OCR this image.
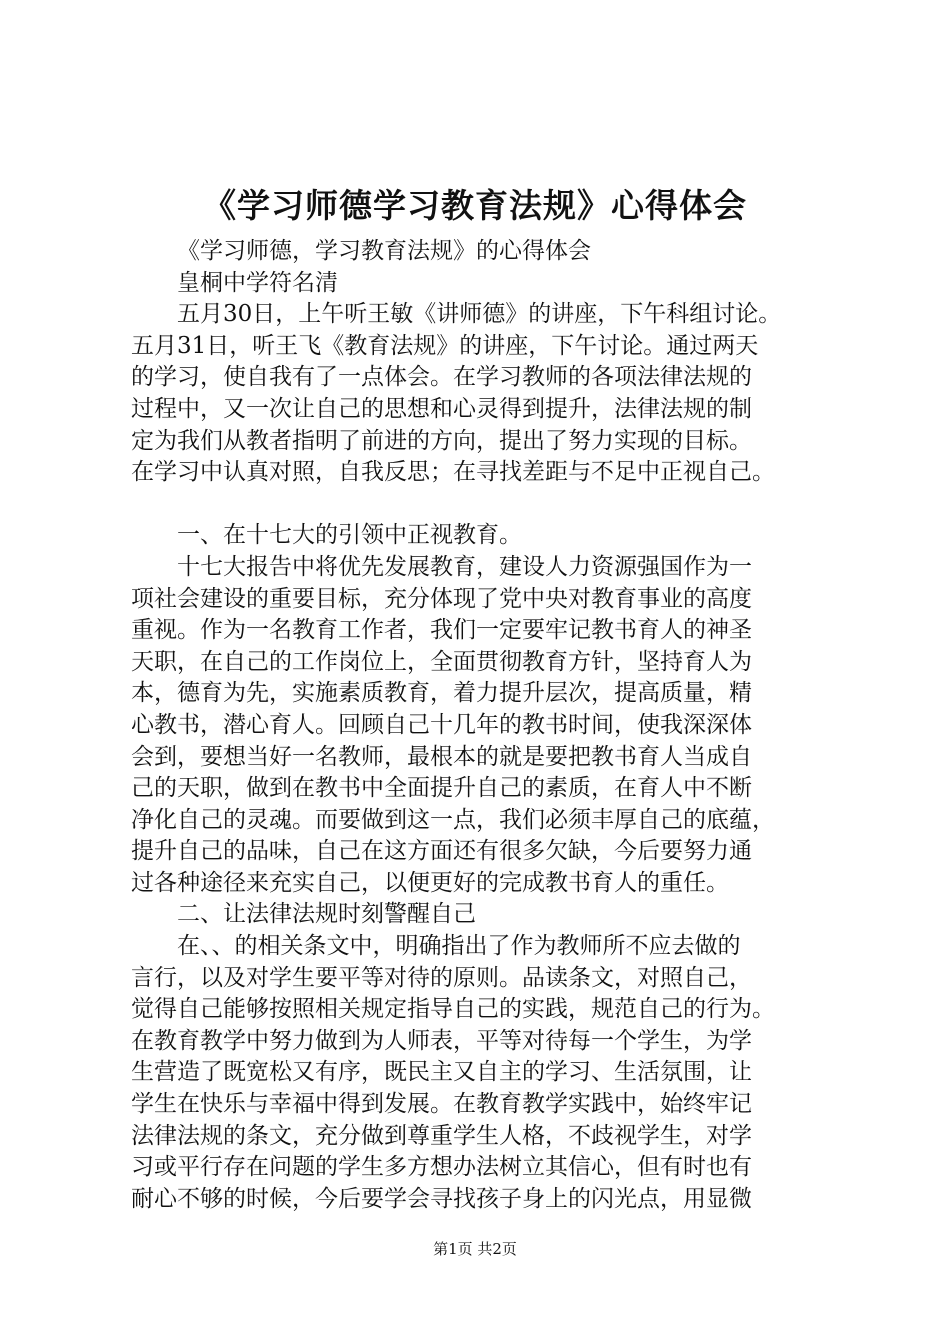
《学习师德学习教育法规》心得体会
《学习师德，学习教育法规》的心得体会
皇桐中学符名清
五月30日，上午听王敏《讲师德》的讲座，下午科组讨论。
五月31日，听王飞《教育法规》的讲座，下午讨论。通过两天
的学习，使自我有了一点体会。在学习教师的各项法律法规的
过程中，又一次让自己的思想和心灵得到提升，法律法规的制
定为我们从教者指明了前进的方向，提出了努力实现的目标。
在学习中认真对照，自我反思；在寻找差距与不足中正视自己。
一、在十七大的引领中正视教育。
十七大报告中将优先发展教育，建设人力资源强国作为一
项社会建设的重要目标，充分体现了党中央对教育事业的高度
重视。作为一名教育工作者，我们一定要牢记教书育人的神圣
天职，在自己的工作岗位上，全面贯彻教育方针，坚持育人为
本，德育为先，实施素质教育，着力提升层次，提高质量，精
心教书，潜心育人。回顾自己十几年的教书时间，使我深深体
会到，要想当好一名教师，最根本的就是要把教书育人当成自
己的天职，做到在教书中全面提升自己的素质，在育人中不断
净化自己的灵魂。而要做到这一点，我们必须丰厚自己的底蕴，
提升自己的品味，自己在这方面还有很多欠缺，今后要努力通
过各种途径来充实自己，以便更好的完成教书育人的重任。
二、让法律法规时刻警醒自己
在、、的相关条文中，明确指出了作为教师所不应去做的
言行，以及对学生要平等对待的原则。品读条文，对照自己，
觉得自己能够按照相关规定指导自己的实践，规范自己的行为。
在教育教学中努力做到为人师表，平等对待每一个学生，为学
生营造了既宽松又有序，既民主又自主的学习、生活氛围，让
学生在快乐与幸福中得到发展。在教育教学实践中，始终牢记
法律法规的条文，充分做到尊重学生人格，不歧视学生，对学
习或平行存在问题的学生多方想办法树立其信心，但有时也有
耐心不够的时候，今后要学会寻找孩子身上的闪光点，用显微
第1页 共2页
